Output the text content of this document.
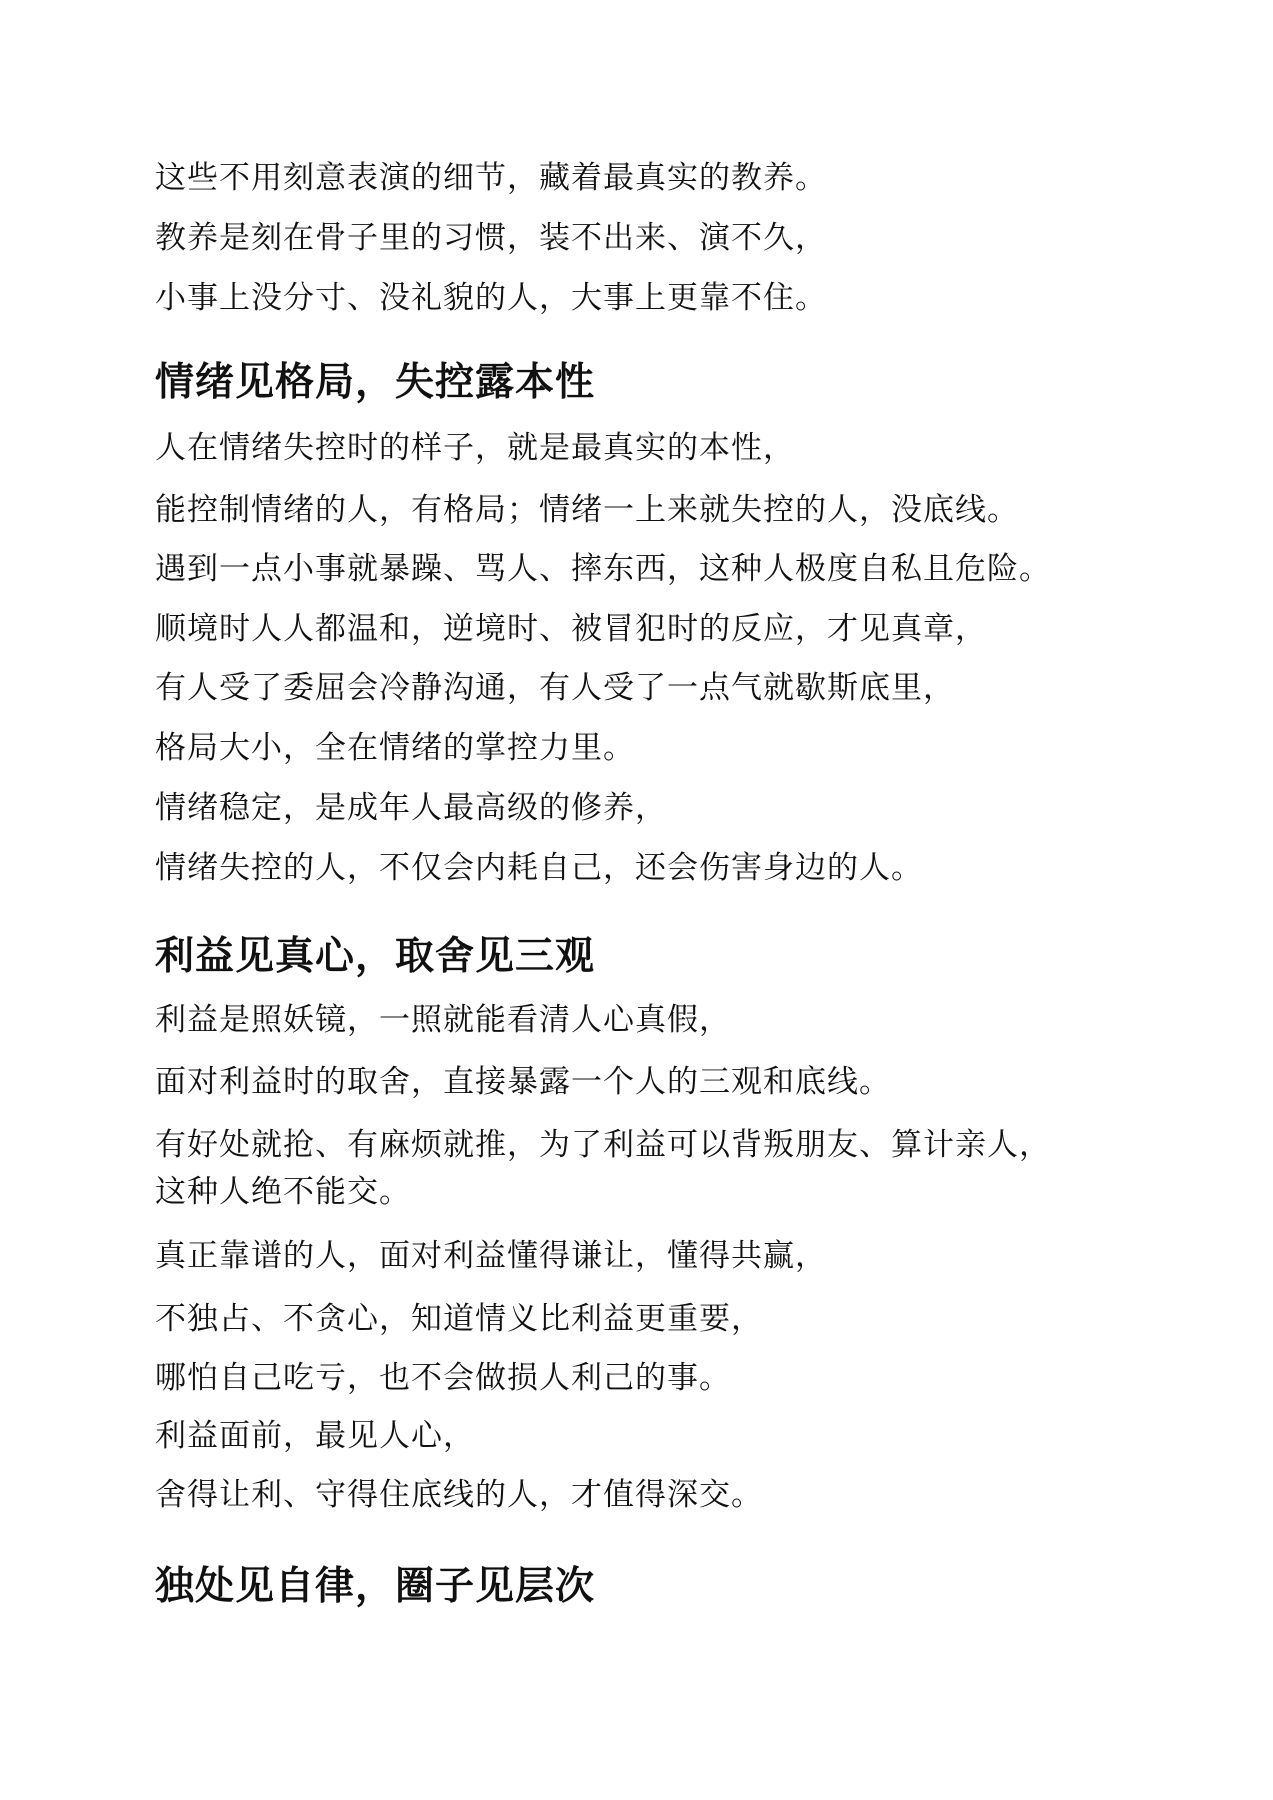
这些不用刻意表演的细节，藏着最真实的教养。

教养是刻在骨子里的习惯，装不出来、演不久，

小事上没分寸、没礼貌的人，大事上更靠不住。

情绪见格局，失控露本性

人在情绪失控时的样子，就是最真实的本性，

能控制情绪的人，有格局；情绪一上来就失控的人，没底线。

遇到一点小事就暴躁、骂人、摔东西，这种人极度自私且危险。

顺境时人人都温和，逆境时、被冒犯时的反应，才见真章，

有人受了委屈会冷静沟通，有人受了一点气就歇斯底里，

格局大小，全在情绪的掌控力里。

情绪稳定，是成年人最高级的修养，

情绪失控的人，不仅会内耗自己，还会伤害身边的人。

利益见真心，取舍见三观

利益是照妖镜，一照就能看清人心真假，

面对利益时的取舍，直接暴露一个人的三观和底线。

有好处就抢、有麻烦就推，为了利益可以背叛朋友、算计亲人，

这种人绝不能交。

真正靠谱的人，面对利益懂得谦让，懂得共赢，

不独占、不贪心，知道情义比利益更重要，

哪怕自己吃亏，也不会做损人利己的事。

利益面前，最见人心，

舍得让利、守得住底线的人，才值得深交。

独处见自律，圈子见层次
